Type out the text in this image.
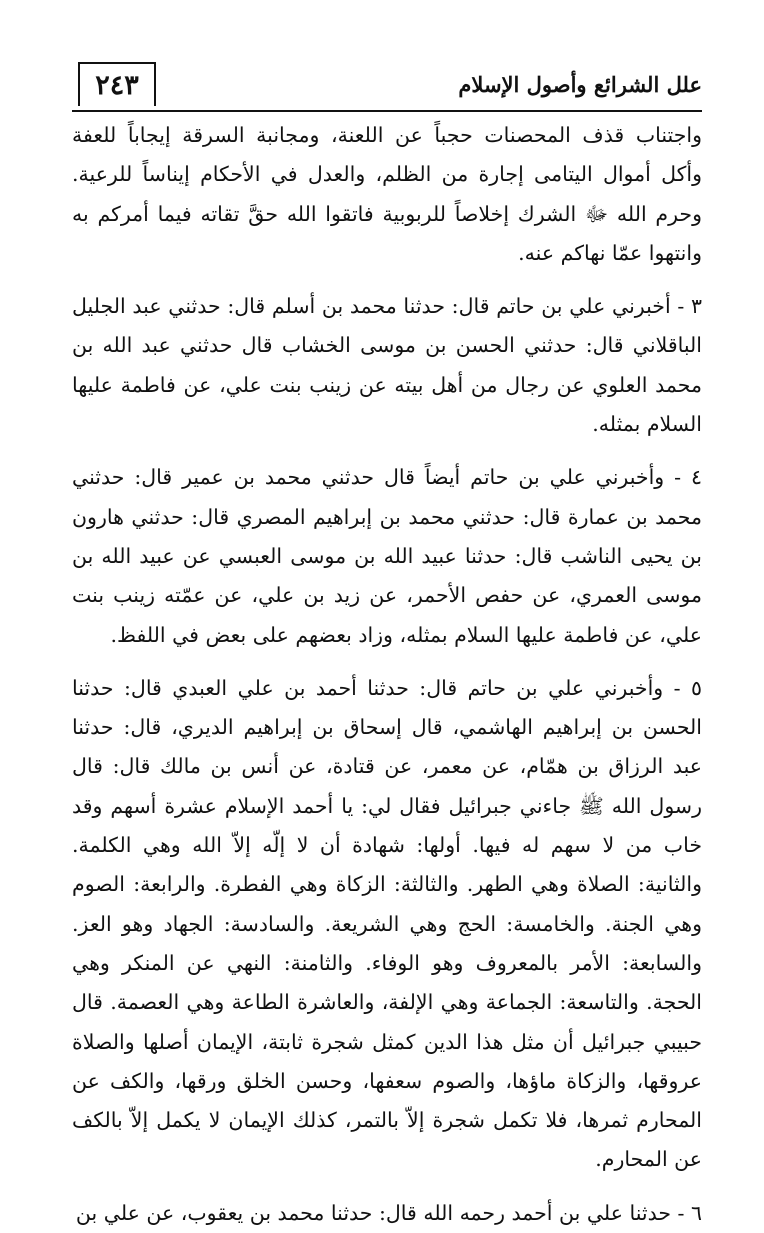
٢٤٣	علل الشرائع وأصول الإسلام

واجتناب قذف المحصنات حجباً عن اللعنة، ومجانبة السرقة إيجاباً للعفة وأكل أموال اليتامى إجارة من الظلم، والعدل في الأحكام إيناساً للرعية. وحرم الله ﷻ الشرك إخلاصاً للربوبية فاتقوا الله حقَّ تقاته فيما أمركم به وانتهوا عمّا نهاكم عنه.

٣ - أخبرني علي بن حاتم قال: حدثنا محمد بن أسلم قال: حدثني عبد الجليل الباقلاني قال: حدثني الحسن بن موسى الخشاب قال حدثني عبد الله بن محمد العلوي عن رجال من أهل بيته عن زينب بنت علي، عن فاطمة عليها السلام بمثله.

٤ - وأخبرني علي بن حاتم أيضاً قال حدثني محمد بن عمير قال: حدثني محمد بن عمارة قال: حدثني محمد بن إبراهيم المصري قال: حدثني هارون بن يحيى الناشب قال: حدثنا عبيد الله بن موسى العبسي عن عبيد الله بن موسى العمري، عن حفص الأحمر، عن زيد بن علي، عن عمّته زينب بنت علي، عن فاطمة عليها السلام بمثله، وزاد بعضهم على بعض في اللفظ.

٥ - وأخبرني علي بن حاتم قال: حدثنا أحمد بن علي العبدي قال: حدثنا الحسن بن إبراهيم الهاشمي، قال إسحاق بن إبراهيم الديري، قال: حدثنا عبد الرزاق بن همّام، عن معمر، عن قتادة، عن أنس بن مالك قال: قال رسول الله ﷺ جاءني جبرائيل فقال لي: يا أحمد الإسلام عشرة أسهم وقد خاب من لا سهم له فيها. أولها: شهادة أن لا إلّه إلاّ الله وهي الكلمة. والثانية: الصلاة وهي الطهر. والثالثة: الزكاة وهي الفطرة. والرابعة: الصوم وهي الجنة. والخامسة: الحج وهي الشريعة. والسادسة: الجهاد وهو العز. والسابعة: الأمر بالمعروف وهو الوفاء. والثامنة: النهي عن المنكر وهي الحجة. والتاسعة: الجماعة وهي الإلفة، والعاشرة الطاعة وهي العصمة. قال حبيبي جبرائيل أن مثل هذا الدين كمثل شجرة ثابتة، الإيمان أصلها والصلاة عروقها، والزكاة ماؤها، والصوم سعفها، وحسن الخلق ورقها، والكف عن المحارم ثمرها، فلا تكمل شجرة إلاّ بالتمر، كذلك الإيمان لا يكمل إلاّ بالكف عن المحارم.

٦ - حدثنا علي بن أحمد رحمه الله قال: حدثنا محمد بن يعقوب، عن علي بن
